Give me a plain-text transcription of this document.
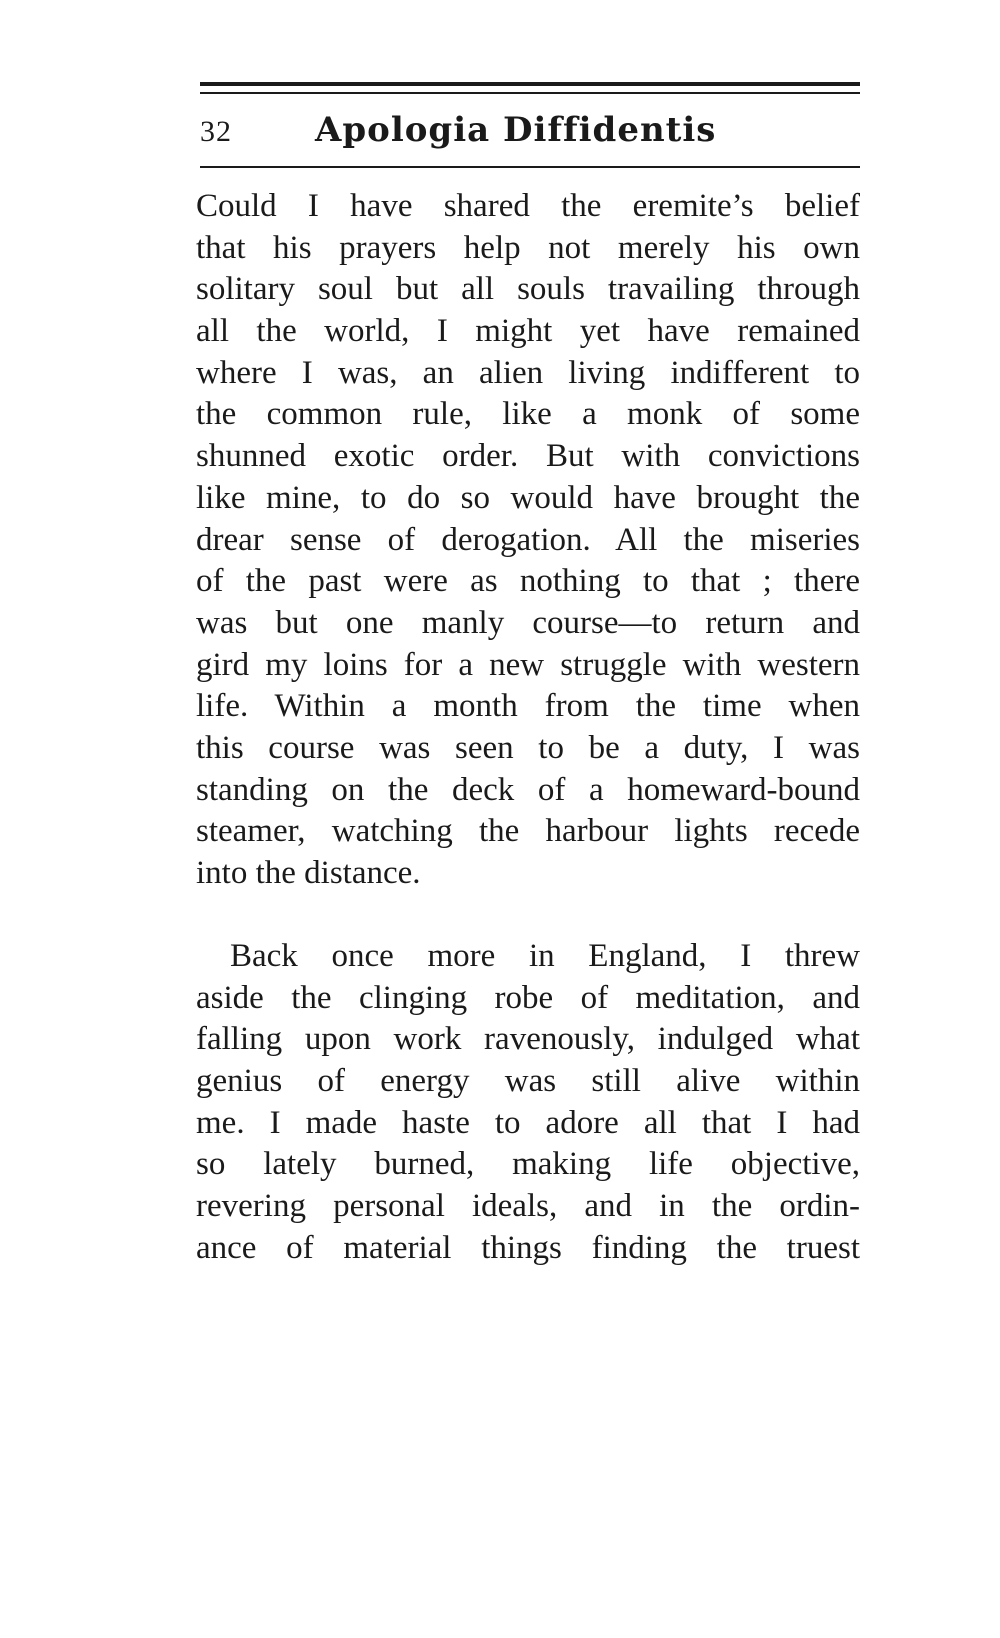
32 Apologia Diffidentis
Could I have shared the eremite’s belief
that his prayers help not merely his own
solitary soul but all souls travailing through
all the world, I might yet have remained
where I was, an alien living indifferent to
the common rule, like a monk of some
shunned exotic order. But with convictions
like mine, to do so would have brought the
drear sense of derogation. All the miseries
of the past were as nothing to that ; there
was but one manly course—to return and
gird my loins for a new struggle with western
life. Within a month from the time when
this course was seen to be a duty, I was
standing on the deck of a homeward-bound
steamer, watching the harbour lights recede
into the distance.
Back once more in England, I threw
aside the clinging robe of meditation, and
falling upon work ravenously, indulged what
genius of energy was still alive within
me. I made haste to adore all that I had
so lately burned, making life objective,
revering personal ideals, and in the ordin-
ance of material things finding the truest
